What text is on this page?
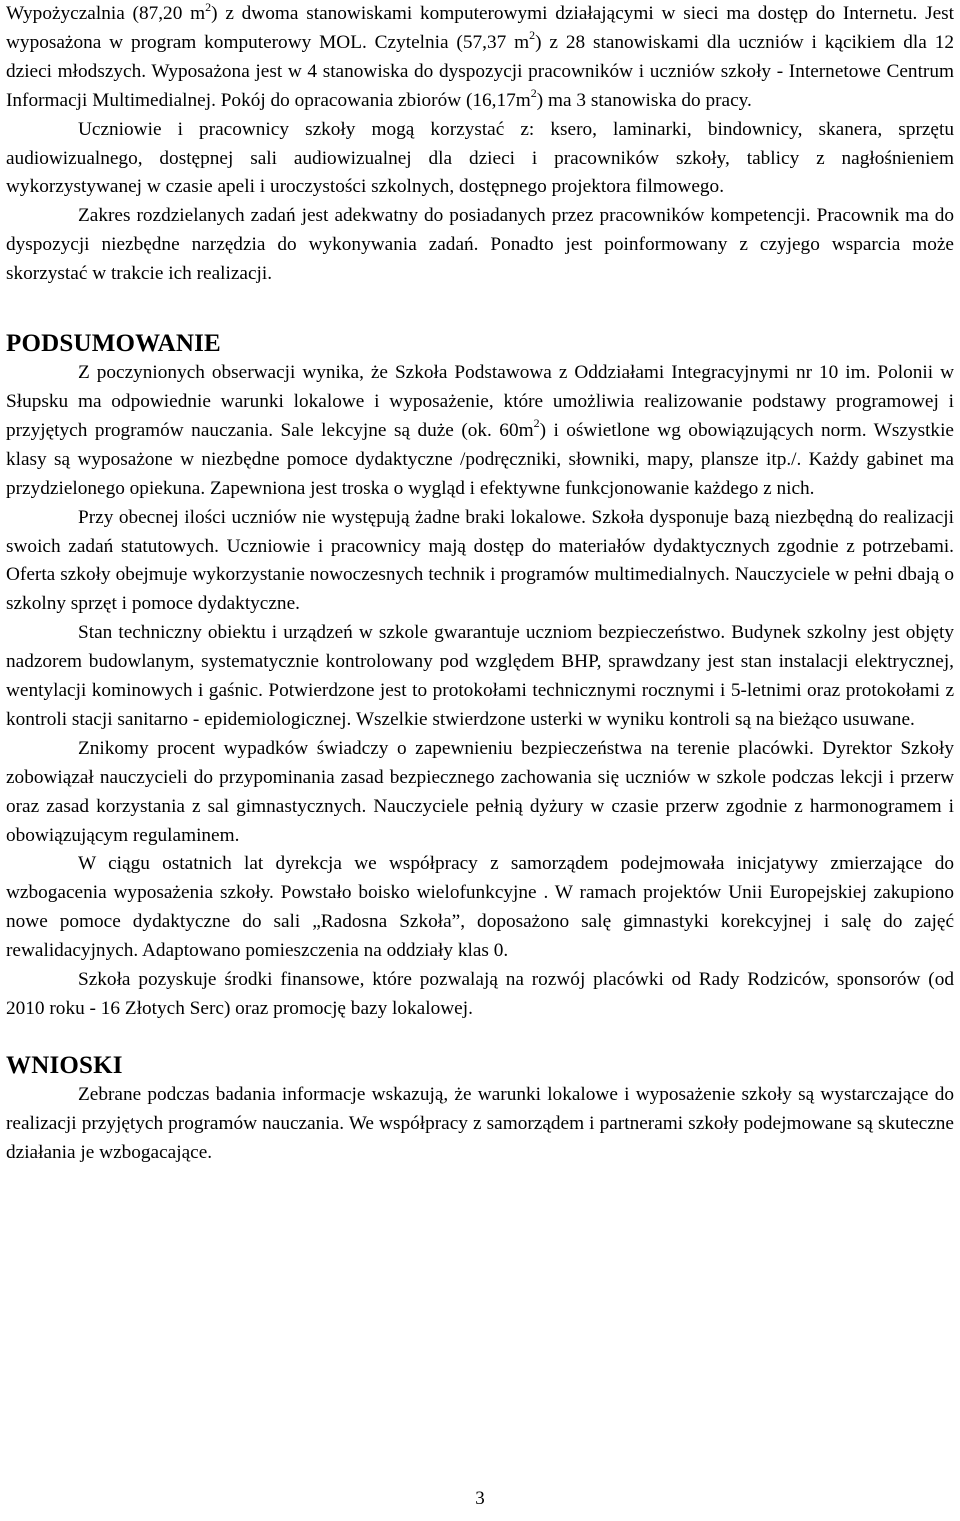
Wypożyczalnia (87,20 $m^2$) z dwoma stanowiskami komputerowymi działającymi w sieci ma dostęp do Internetu. Jest wyposażona w program komputerowy MOL. Czytelnia (57,37 $m^2$) z 28 stanowiskami dla uczniów i kącikiem dla 12 dzieci młodszych. Wyposażona jest w 4 stanowiska do dyspozycji pracowników i uczniów szkoły - Internetowe Centrum Informacji Multimedialnej. Pokój do opracowania zbiorów $(16,17m^2)$ ma 3 stanowiska do pracy.

Uczniowie i pracownicy szkoły mogą korzystać z: ksero, laminarki, bindownicy, skanera, sprzętu audiowizualnego, dostępnej sali audiowizualnej dla dzieci i pracowników szkoły, tablicy z nagłośnieniem wykorzystywanej w czasie apeli i uroczystości szkolnych, dostępnego projektora filmowego.

Zakres rozdzielanych zadań jest adekwatny do posiadanych przez pracowników kompetencji. Pracownik ma do dyspozycji niezbędne narzędzia do wykonywania zadań. Ponadto jest poinformowany z czyjego wsparcia może skorzystać w trakcie ich realizacji.

PODSUMOWANIE

Z poczynionych obserwacji wynika, że Szkoła Podstawowa z Oddziałami Integracyjnymi nr 10 im. Polonii w Słupsku ma odpowiednie warunki lokalowe i wyposażenie, które umożliwia realizowanie podstawy programowej i przyjętych programów nauczania. Sale lekcyjne są duże (ok. $60m^2$) i oświetlone wg obowiązujących norm. Wszystkie klasy są wyposażone w niezbędne pomoce dydaktyczne /podręczniki, słowniki, mapy, plansze itp./. Każdy gabinet ma przydzielonego opiekuna. Zapewniona jest troska o wygląd i efektywne funkcjonowanie każdego z nich.

Przy obecnej ilości uczniów nie występują żadne braki lokalowe. Szkoła dysponuje bazą niezbędną do realizacji swoich zadań statutowych. Uczniowie i pracownicy mają dostęp do materiałów dydaktycznych zgodnie z potrzebami. Oferta szkoły obejmuje wykorzystanie nowoczesnych technik i programów multimedialnych. Nauczyciele w pełni dbają o szkolny sprzęt i pomoce dydaktyczne.

Stan techniczny obiektu i urządzeń w szkole gwarantuje uczniom bezpieczeństwo. Budynek szkolny jest objęty nadzorem budowlanym, systematycznie kontrolowany pod względem BHP, sprawdzany jest stan instalacji elektrycznej, wentylacji kominowych i gaśnic. Potwierdzone jest to protokołami technicznymi rocznymi i 5-letnimi oraz protokołami z kontroli stacji sanitarno - epidemiologicznej. Wszelkie stwierdzone usterki w wyniku kontroli są na bieżąco usuwane.

Znikomy procent wypadków świadczy o zapewnieniu bezpieczeństwa na terenie placówki. Dyrektor Szkoły zobowiązał nauczycieli do przypominania zasad bezpiecznego zachowania się uczniów w szkole podczas lekcji i przerw oraz zasad korzystania z sal gimnastycznych. Nauczyciele pełnią dyżury w czasie przerw zgodnie z harmonogramem i obowiązującym regulaminem.

W ciągu ostatnich lat dyrekcja we współpracy z samorządem podejmowała inicjatywy zmierzające do wzbogacenia wyposażenia szkoły. Powstało boisko wielofunkcyjne . W ramach projektów Unii Europejskiej zakupiono nowe pomoce dydaktyczne do sali „Radosna Szkoła”, doposażono salę gimnastyki korekcyjnej i salę do zajęć rewalidacyjnych. Adaptowano pomieszczenia na oddziały klas 0.

Szkoła pozyskuje środki finansowe, które pozwalają na rozwój placówki od Rady Rodziców, sponsorów (od 2010 roku - 16 Złotych Serc) oraz promocję bazy lokalowej.

WNIOSKI

Zebrane podczas badania informacje wskazują, że warunki lokalowe i wyposażenie szkoły są wystarczające do realizacji przyjętych programów nauczania. We współpracy z samorządem i partnerami szkoły podejmowane są skuteczne działania je wzbogacające.

3
